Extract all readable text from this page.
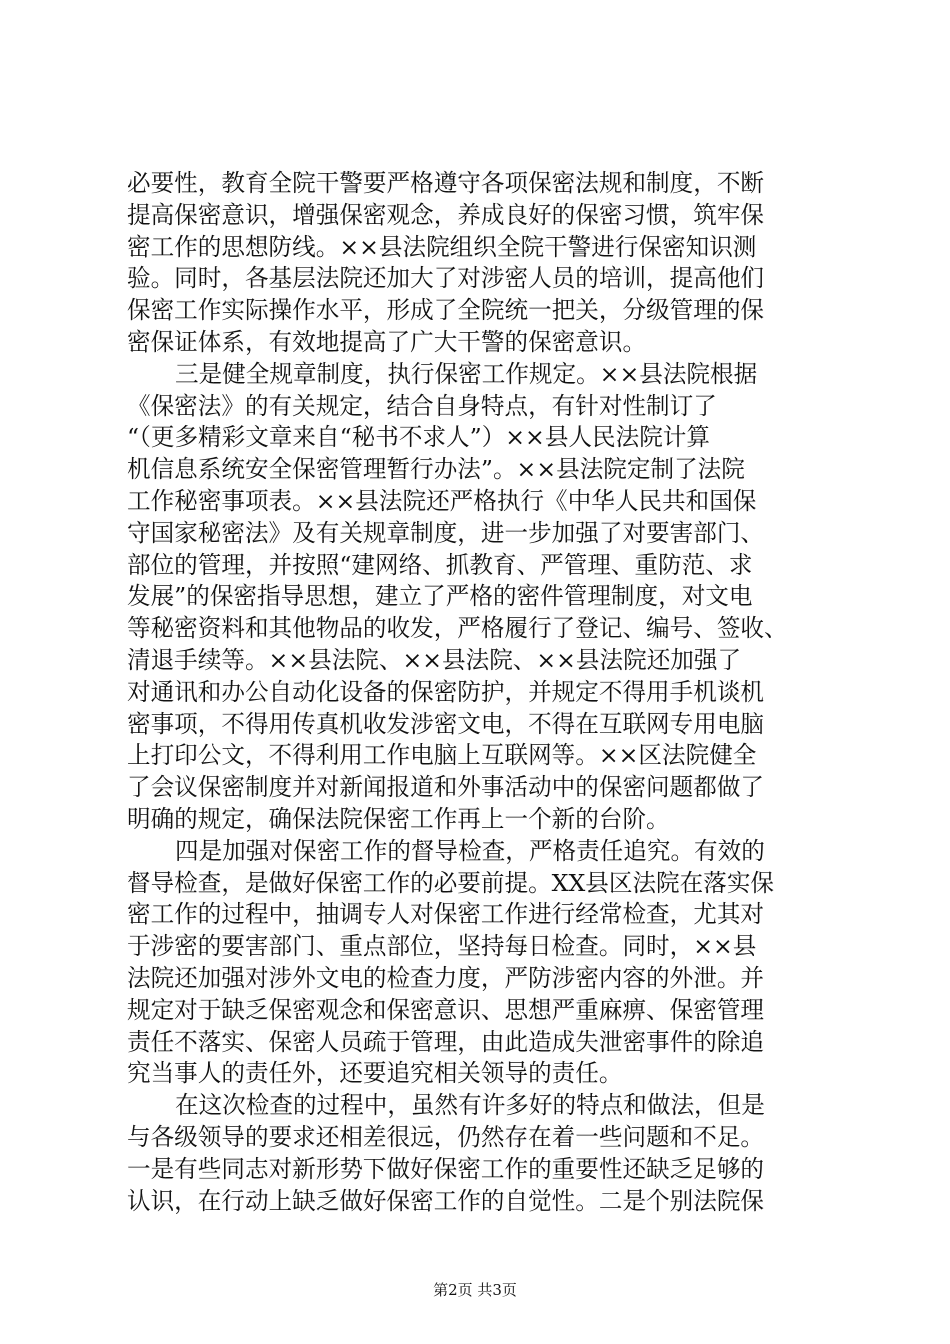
必要性，教育全院干警要严格遵守各项保密法规和制度，不断
提高保密意识，增强保密观念，养成良好的保密习惯，筑牢保
密工作的思想防线。××县法院组织全院干警进行保密知识测
验。同时，各基层法院还加大了对涉密人员的培训，提高他们
保密工作实际操作水平，形成了全院统一把关，分级管理的保
密保证体系，有效地提高了广大干警的保密意识。
三是健全规章制度，执行保密工作规定。××县法院根据
《保密法》的有关规定，结合自身特点，有针对性制订了
“（更多精彩文章来自“秘书不求人”）××县人民法院计算
机信息系统安全保密管理暂行办法”。××县法院定制了法院
工作秘密事项表。××县法院还严格执行《中华人民共和国保
守国家秘密法》及有关规章制度，进一步加强了对要害部门、
部位的管理，并按照“建网络、抓教育、严管理、重防范、求
发展”的保密指导思想，建立了严格的密件管理制度，对文电
等秘密资料和其他物品的收发，严格履行了登记、编号、签收、
清退手续等。××县法院、××县法院、××县法院还加强了
对通讯和办公自动化设备的保密防护，并规定不得用手机谈机
密事项，不得用传真机收发涉密文电，不得在互联网专用电脑
上打印公文，不得利用工作电脑上互联网等。××区法院健全
了会议保密制度并对新闻报道和外事活动中的保密问题都做了
明确的规定，确保法院保密工作再上一个新的台阶。
四是加强对保密工作的督导检查，严格责任追究。有效的
督导检查，是做好保密工作的必要前提。XX县区法院在落实保
密工作的过程中，抽调专人对保密工作进行经常检查，尤其对
于涉密的要害部门、重点部位，坚持每日检查。同时，××县
法院还加强对涉外文电的检查力度，严防涉密内容的外泄。并
规定对于缺乏保密观念和保密意识、思想严重麻痹、保密管理
责任不落实、保密人员疏于管理，由此造成失泄密事件的除追
究当事人的责任外，还要追究相关领导的责任。
在这次检查的过程中，虽然有许多好的特点和做法，但是
与各级领导的要求还相差很远，仍然存在着一些问题和不足。
一是有些同志对新形势下做好保密工作的重要性还缺乏足够的
认识，在行动上缺乏做好保密工作的自觉性。二是个别法院保
第2页 共3页
